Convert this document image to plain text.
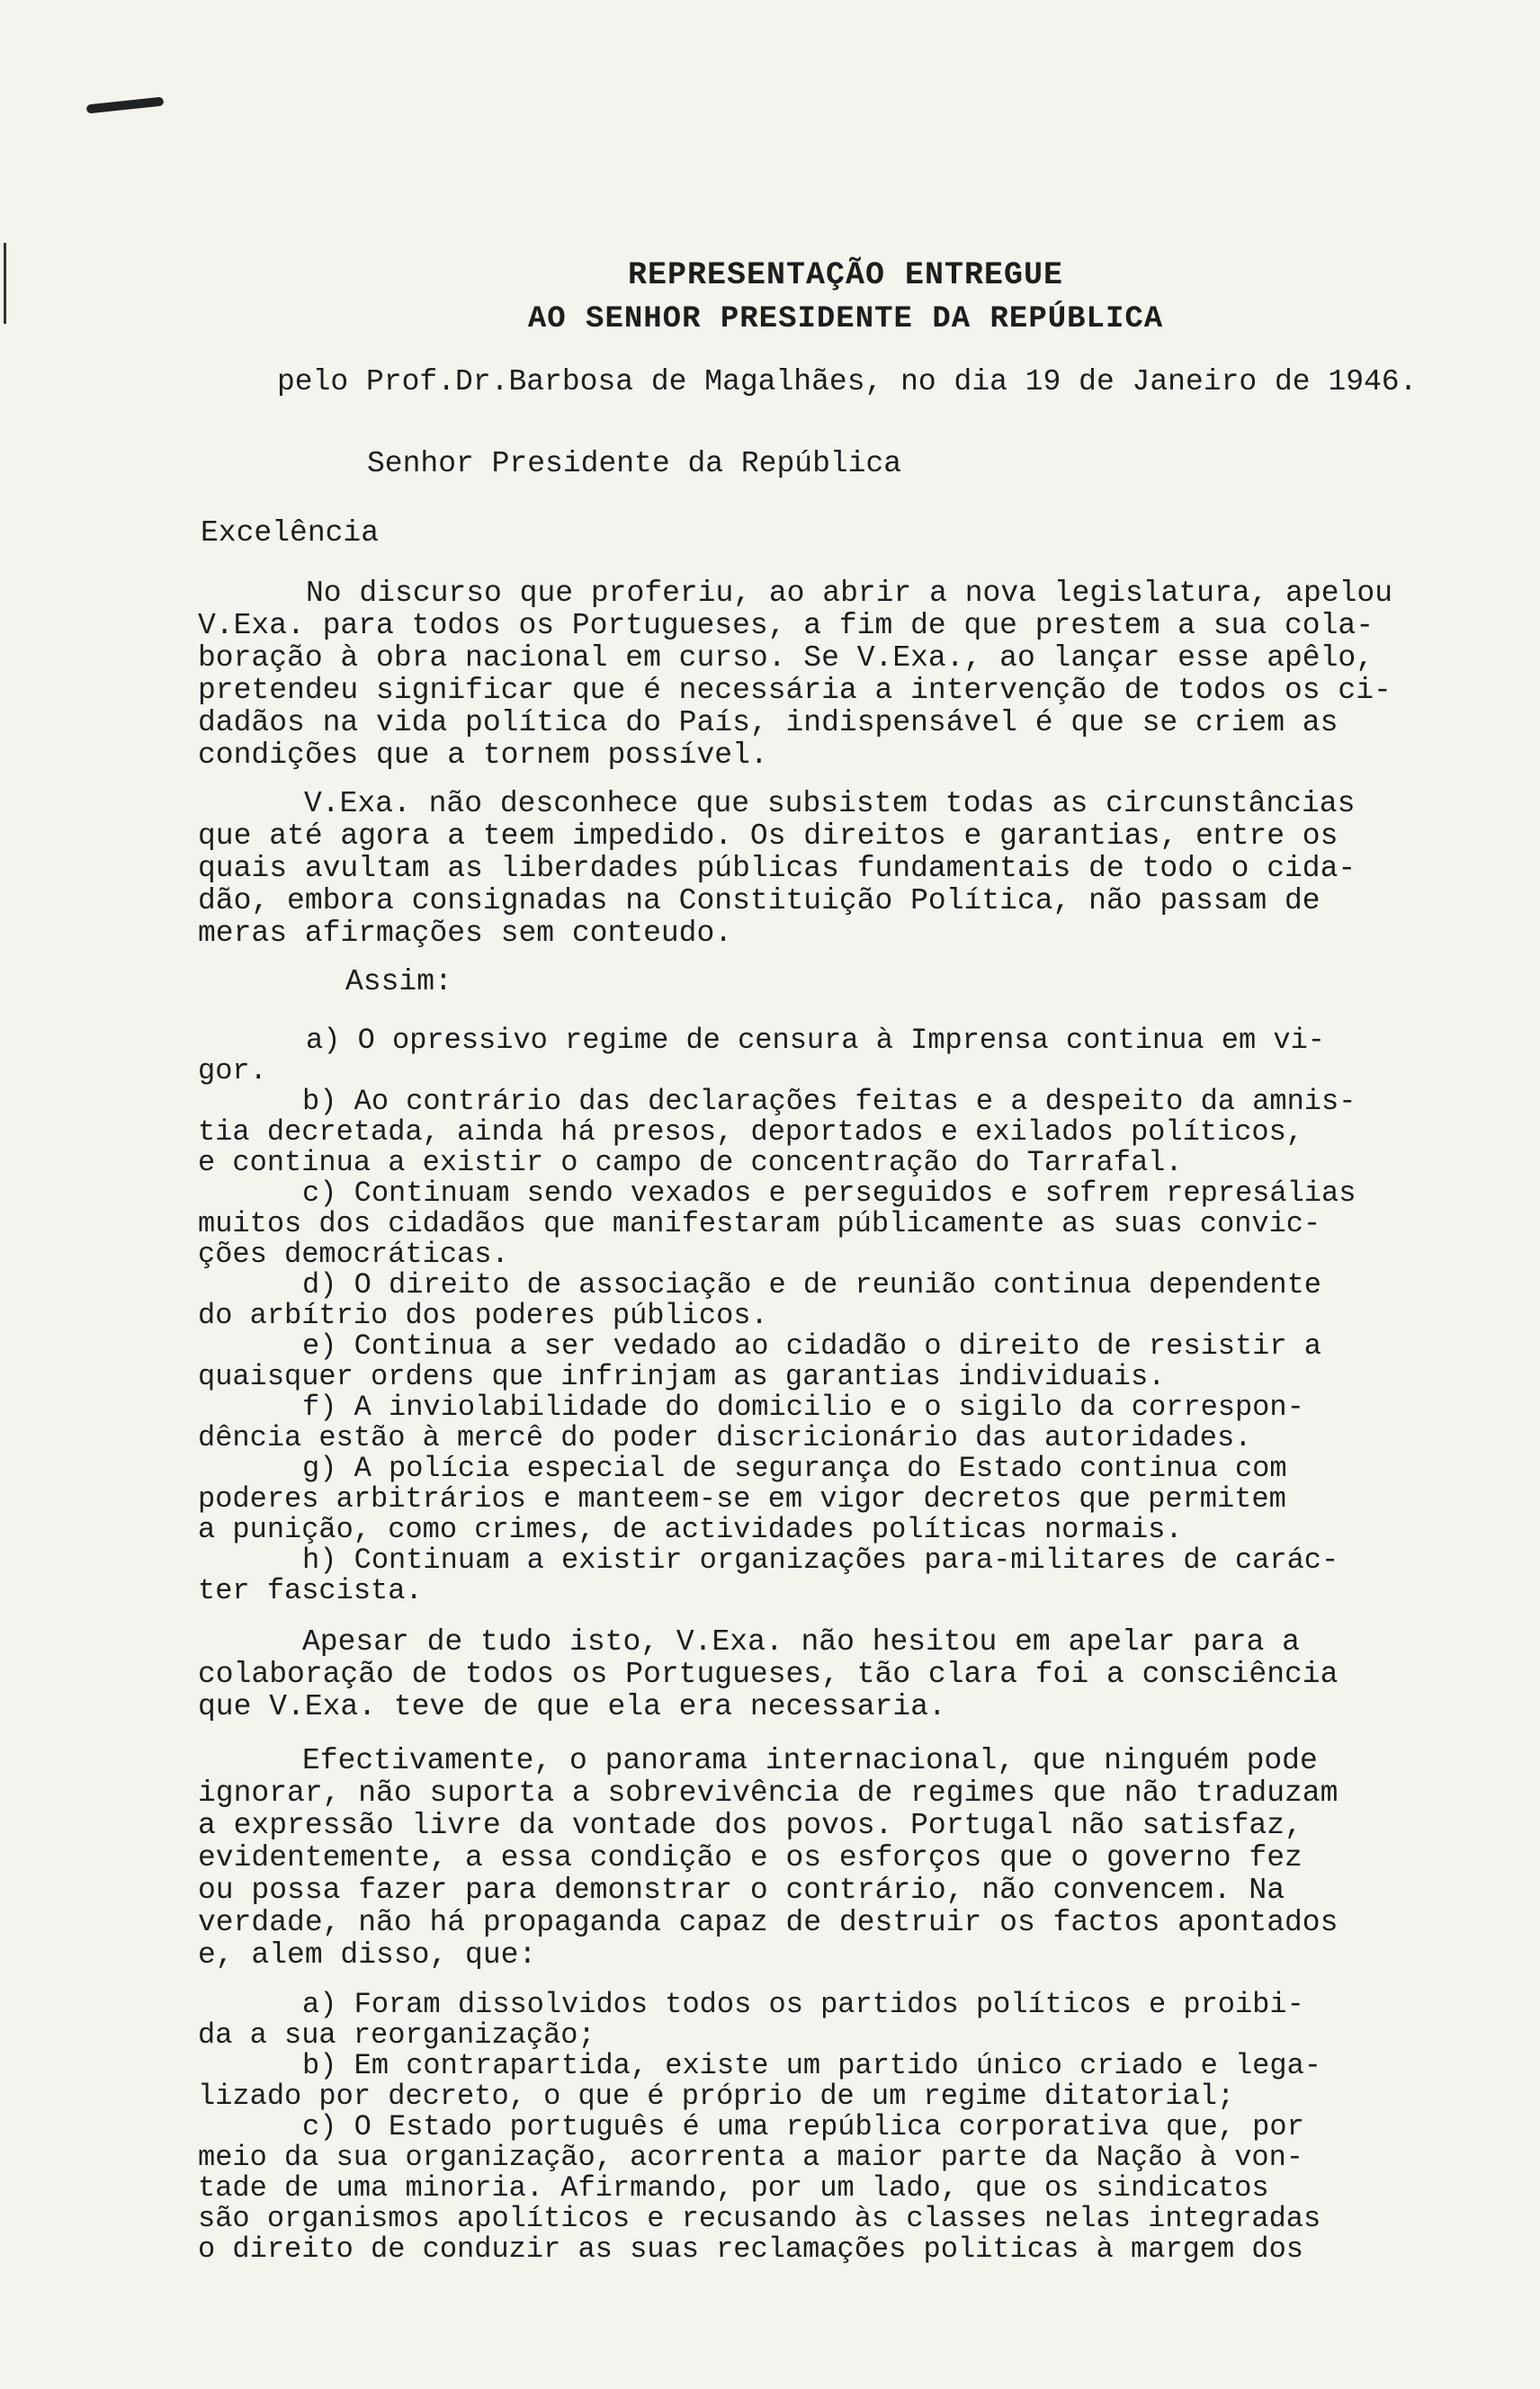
REPRESENTAÇÃO ENTREGUE
AO SENHOR PRESIDENTE DA REPÚBLICA
pelo Prof.Dr.Barbosa de Magalhães, no dia 19 de Janeiro de 1946.
Senhor Presidente da República
Excelência
No discurso que proferiu, ao abrir a nova legislatura, apelou
V.Exa. para todos os Portugueses, a fim de que prestem a sua cola-
boração à obra nacional em curso. Se V.Exa., ao lançar esse apêlo,
pretendeu significar que é necessária a intervenção de todos os ci-
dadãos na vida política do País, indispensável é que se criem as
condições que a tornem possível.
V.Exa. não desconhece que subsistem todas as circunstâncias
que até agora a teem impedido. Os direitos e garantias, entre os
quais avultam as liberdades públicas fundamentais de todo o cida-
dão, embora consignadas na Constituição Política, não passam de
meras afirmações sem conteudo.
Assim:
a) O opressivo regime de censura à Imprensa continua em vi-
gor.
b) Ao contrário das declarações feitas e a despeito da amnis-
tia decretada, ainda há presos, deportados e exilados políticos,
e continua a existir o campo de concentração do Tarrafal.
c) Continuam sendo vexados e perseguidos e sofrem represálias
muitos dos cidadãos que manifestaram públicamente as suas convic-
ções democráticas.
d) O direito de associação e de reunião continua dependente
do arbítrio dos poderes públicos.
e) Continua a ser vedado ao cidadão o direito de resistir a
quaisquer ordens que infrinjam as garantias individuais.
f) A inviolabilidade do domicilio e o sigilo da correspon-
dência estão à mercê do poder discricionário das autoridades.
g) A polícia especial de segurança do Estado continua com
poderes arbitrários e manteem-se em vigor decretos que permitem
a punição, como crimes, de actividades políticas normais.
h) Continuam a existir organizações para-militares de carác-
ter fascista.
Apesar de tudo isto, V.Exa. não hesitou em apelar para a
colaboração de todos os Portugueses, tão clara foi a consciência
que V.Exa. teve de que ela era necessaria.
Efectivamente, o panorama internacional, que ninguém pode
ignorar, não suporta a sobrevivência de regimes que não traduzam
a expressão livre da vontade dos povos. Portugal não satisfaz,
evidentemente, a essa condição e os esforços que o governo fez
ou possa fazer para demonstrar o contrário, não convencem. Na
verdade, não há propaganda capaz de destruir os factos apontados
e, alem disso, que:
a) Foram dissolvidos todos os partidos políticos e proibi-
da a sua reorganização;
b) Em contrapartida, existe um partido único criado e lega-
lizado por decreto, o que é próprio de um regime ditatorial;
c) O Estado português é uma república corporativa que, por
meio da sua organização, acorrenta a maior parte da Nação à von-
tade de uma minoria. Afirmando, por um lado, que os sindicatos
são organismos apolíticos e recusando às classes nelas integradas
o direito de conduzir as suas reclamações politicas à margem dos
